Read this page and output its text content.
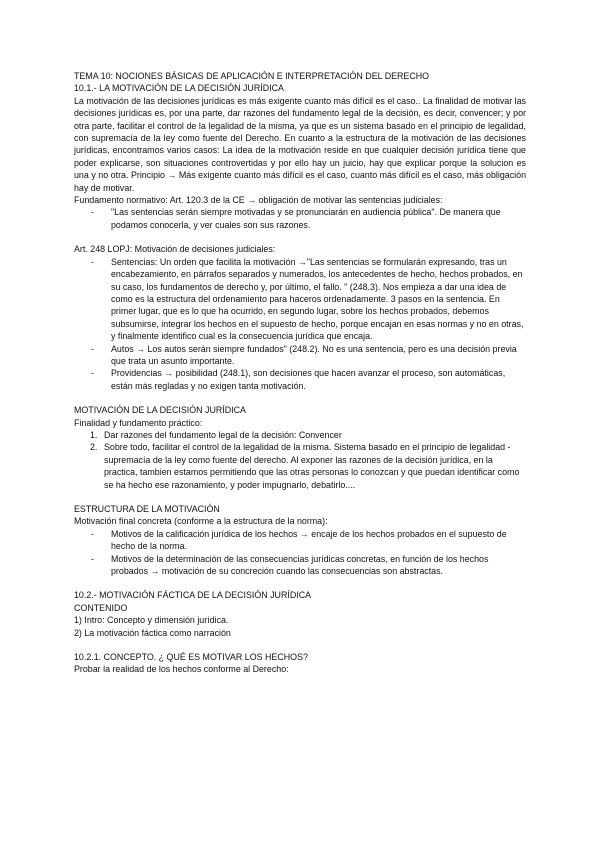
TEMA 10: NOCIONES BÁSICAS DE APLICACIÓN E INTERPRETACIÓN DEL DERECHO

10.1.- LA MOTIVACIÓN DE LA DECISIÓN JURÍDICA

La motivación de las decisiones jurídicas es más exigente cuanto más difícil es el caso.. La finalidad de motivar las decisiones jurídicas es, por una parte, dar razones del fundamento legal de la decisión, es decir, convencer; y por otra parte, facilitar el control de la legalidad de la misma, ya que es un sistema basado en el principio de legalidad, con supremacía de la ley como fuente del Derecho. En cuanto a la estructura de la motivación de las decisiones jurídicas, encontramos varios casos: La idea de la motivación reside en que cualquier decisión jurídica tiene que poder explicarse, son situaciones controvertidas y por ello hay un juicio, hay que explicar porque la solucion es una y no otra. Principio → Más exigente cuanto más difícil es el caso, cuanto más difícil es el caso, más obligación hay de motivar.

Fundamento normativo: Art. 120.3 de la CE → obligación de motivar las sentencias judiciales:

- "Las sentencias serán siempre motivadas y se pronunciarán en audiencia pública". De manera que podamos conocerla, y ver cuales son sus razones.

Art. 248 LOPJ: Motivación de decisiones judiciales:

- Sentencias: Un orden que facilita la motivación →"Las sentencias se formularán expresando, tras un encabezamiento, en párrafos separados y numerados, los antecedentes de hecho, hechos probados, en su caso, los fundamentos de derecho y, por último, el fallo. " (248.3). Nos empieza a dar una idea de como es la estructura del ordenamiento para haceros ordenadamente. 3 pasos en la sentencia. En primer lugar, que es lo que ha ocurrido, en segundo lugar, sobre los hechos probados, debemos subsumirse, integrar los hechos en el supuesto de hecho, porque encajan en esas normas y no en otras, y finalmente identifico cual es la consecuencia jurídica que encaja.
- Autos → Los autos serán siempre fundados" (248.2). No es una sentencia, pero es una decisión previa que trata un asunto importante.
- Providencias → posibilidad (248.1), son decisiones que hacen avanzar el proceso, son automáticas, están más regladas y no exigen tanta motivación.

MOTIVACIÓN DE LA DECISIÓN JURÍDICA

Finalidad y fundamento práctico:

1. Dar razones del fundamento legal de la decisión: Convencer
2. Sobre todo, facilitar el control de la legalidad de la misma. Sistema basado en el principio de legalidad - supremacía de la ley como fuente del derecho. Al exponer las razones de la decisión jurídica, en la practica, tambien estamos permitiendo que las otras personas lo conozcan y que puedan identificar como se ha hecho ese razonamiento, y poder impugnarlo, debatirlo....

ESTRUCTURA DE LA MOTIVACIÓN

Motivación final concreta (conforme a la estructura de la norma):

- Motivos de la calificación jurídica de los hechos → encaje de los hechos probados en el supuesto de hecho de la norma.
- Motivos de la determinación de las consecuencias jurídicas concretas, en función de los hechos probados → motivación de su concreción cuando las consecuencias son abstractas.

10.2.- MOTIVACIÓN FÁCTICA DE LA DECISIÓN JURÍDICA

CONTENIDO

1) Intro: Concepto y dimensión jurídica.

2) La motivación fáctica como narración

10.2.1. CONCEPTO. ¿ QUÉ ES MOTIVAR LOS HECHOS?

Probar la realidad de los hechos conforme al Derecho:
